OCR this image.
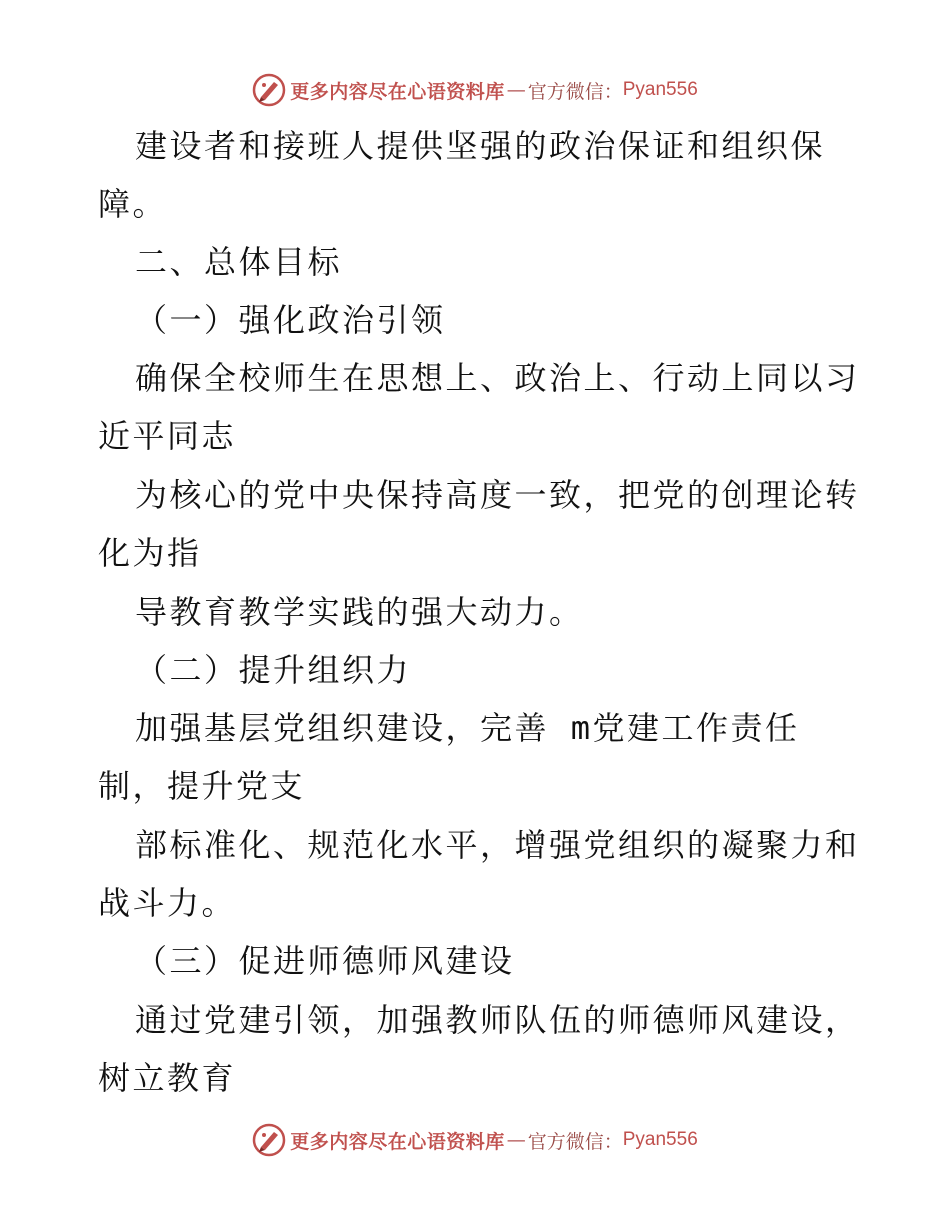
更多内容尽在心语资料库 — 官方微信： Pyan556
建设者和接班人提供坚强的政治保证和组织保
障。
二、总体目标
（一）强化政治引领
确保全校师生在思想上、政治上、行动上同以习
近平同志
为核心的党中央保持高度一致，把党的创理论转
化为指
导教育教学实践的强大动力。
（二）提升组织力
加强基层党组织建设，完善 m党建工作责任
制，提升党支
部标准化、规范化水平，增强党组织的凝聚力和
战斗力。
（三）促进师德师风建设
通过党建引领，加强教师队伍的师德师风建设，
树立教育
更多内容尽在心语资料库 — 官方微信： Pyan556
